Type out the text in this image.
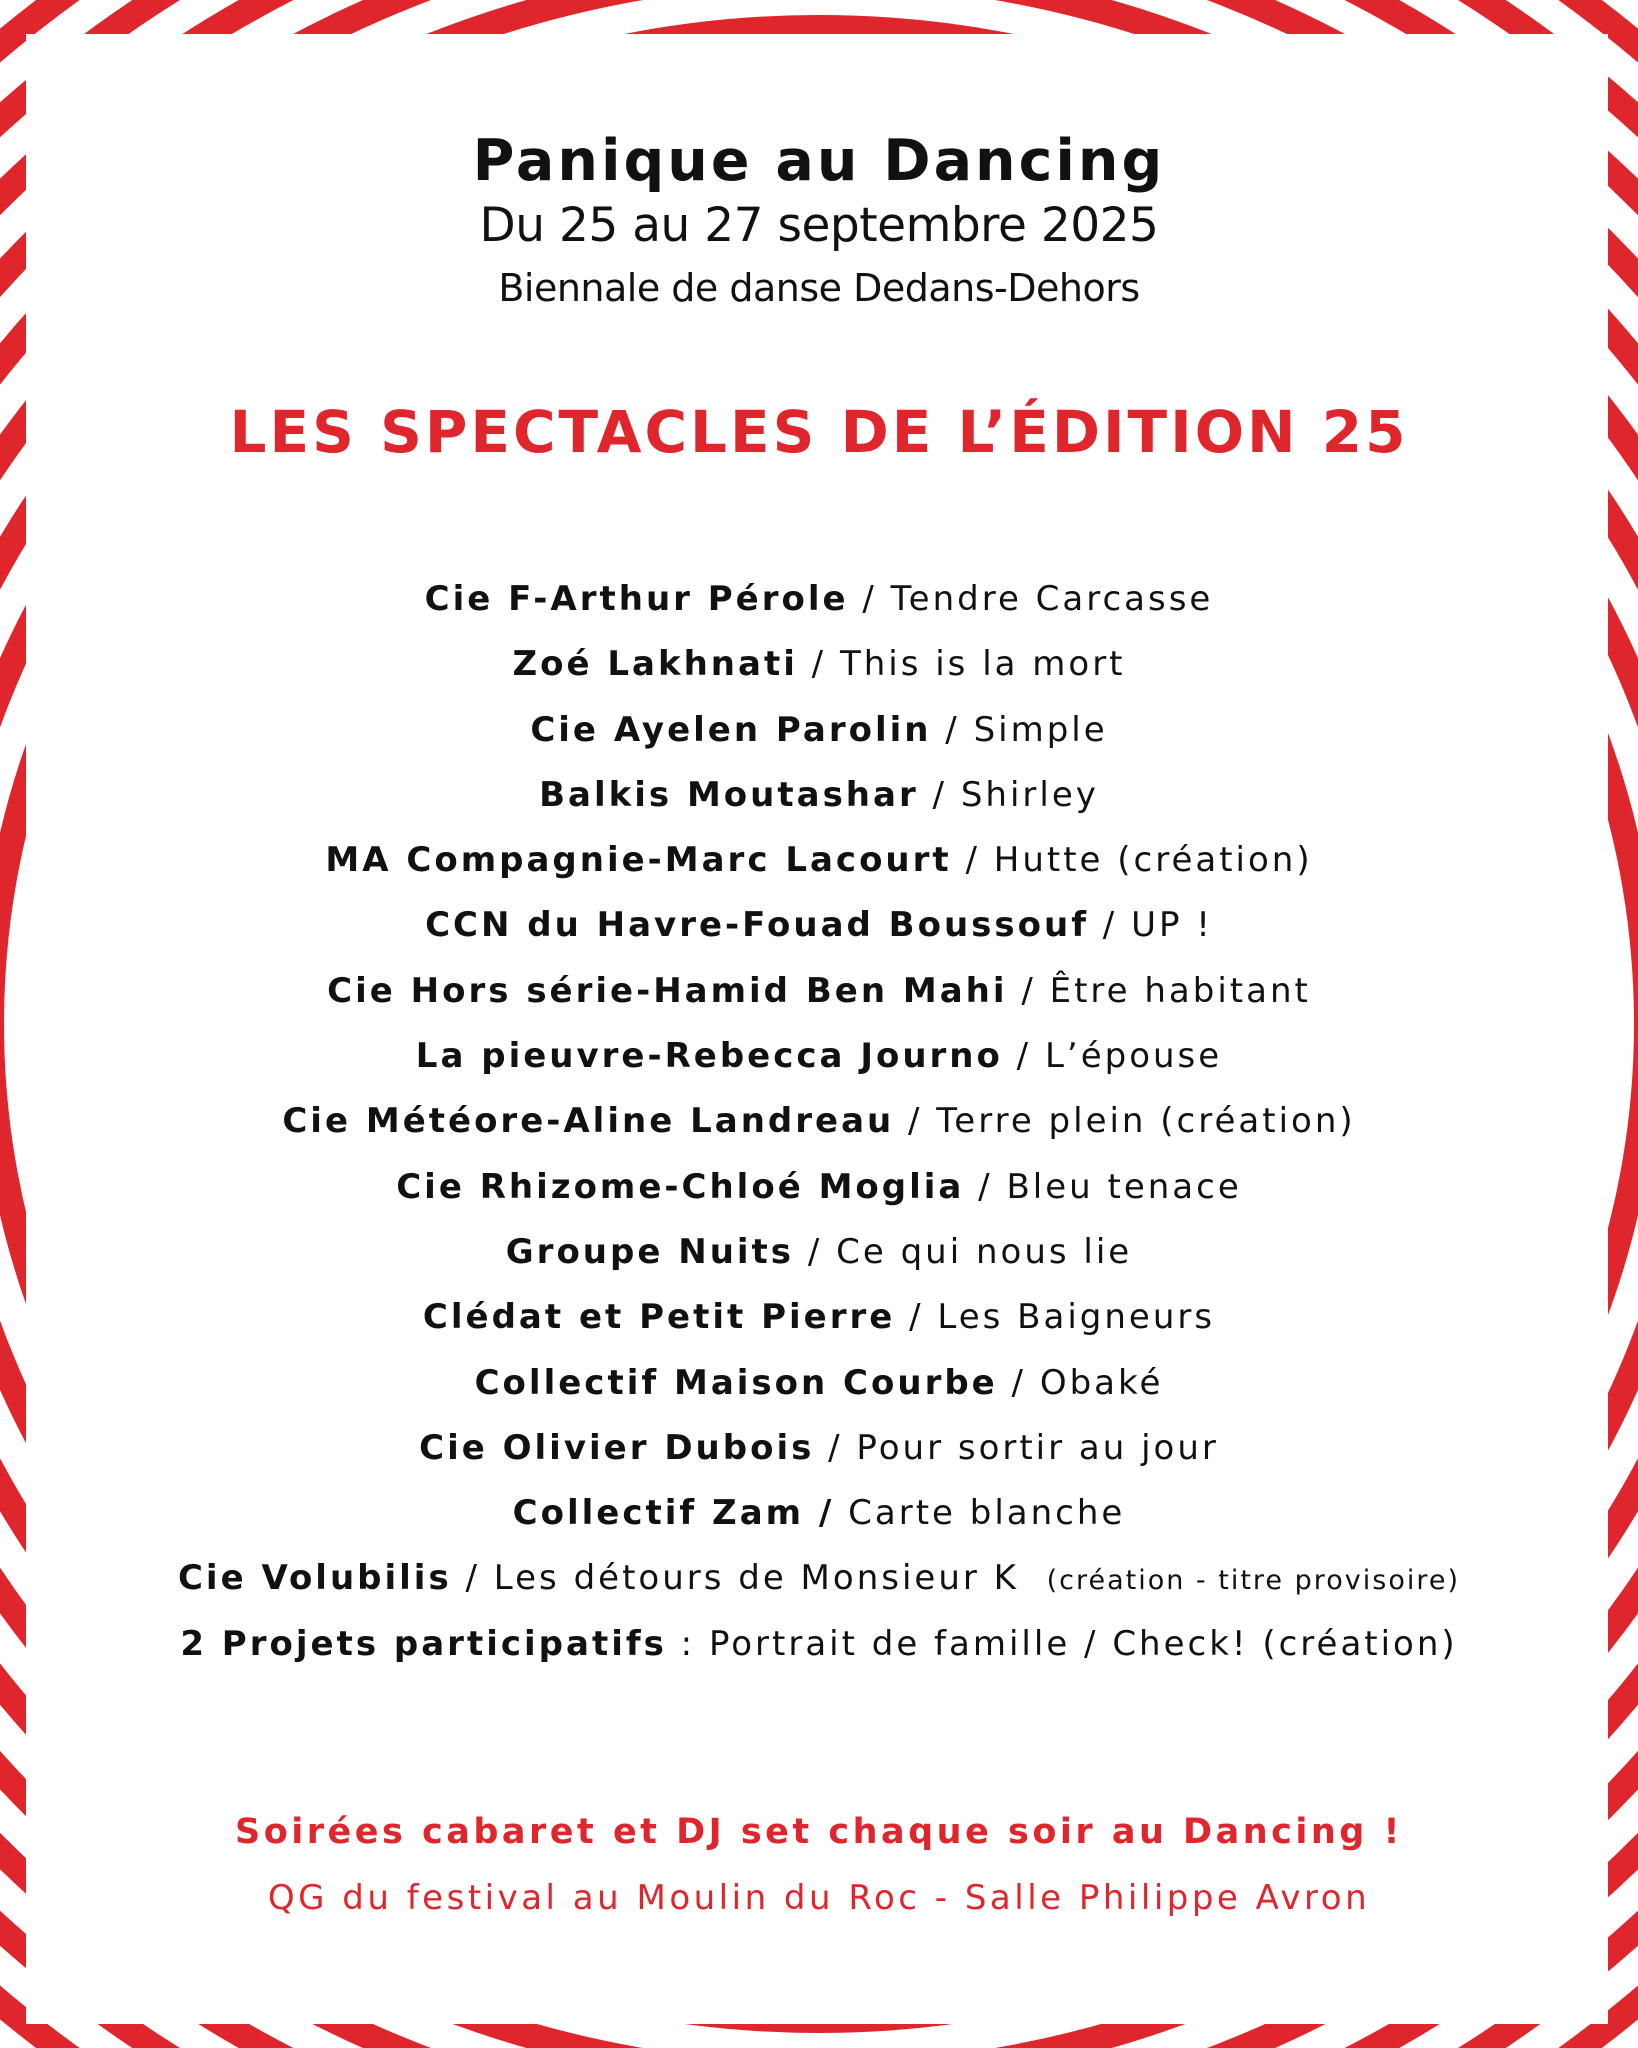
Panique au Dancing
Du 25 au 27 septembre 2025
Biennale de danse Dedans-Dehors
LES SPECTACLES DE L’ÉDITION 25
Cie F-Arthur Pérole / Tendre Carcasse
Zoé Lakhnati / This is la mort
Cie Ayelen Parolin / Simple
Balkis Moutashar / Shirley
MA Compagnie-Marc Lacourt / Hutte (création)
CCN du Havre-Fouad Boussouf / UP !
Cie Hors série-Hamid Ben Mahi / Être habitant
La pieuvre-Rebecca Journo / L’épouse
Cie Météore-Aline Landreau / Terre plein (création)
Cie Rhizome-Chloé Moglia / Bleu tenace
Groupe Nuits / Ce qui nous lie
Clédat et Petit Pierre / Les Baigneurs
Collectif Maison Courbe / Obaké
Cie Olivier Dubois / Pour sortir au jour
Collectif Zam / Carte blanche
Cie Volubilis / Les détours de Monsieur K (création - titre provisoire)
2 Projets participatifs : Portrait de famille / Check! (création)
Soirées cabaret et DJ set chaque soir au Dancing !
QG du festival au Moulin du Roc - Salle Philippe Avron
